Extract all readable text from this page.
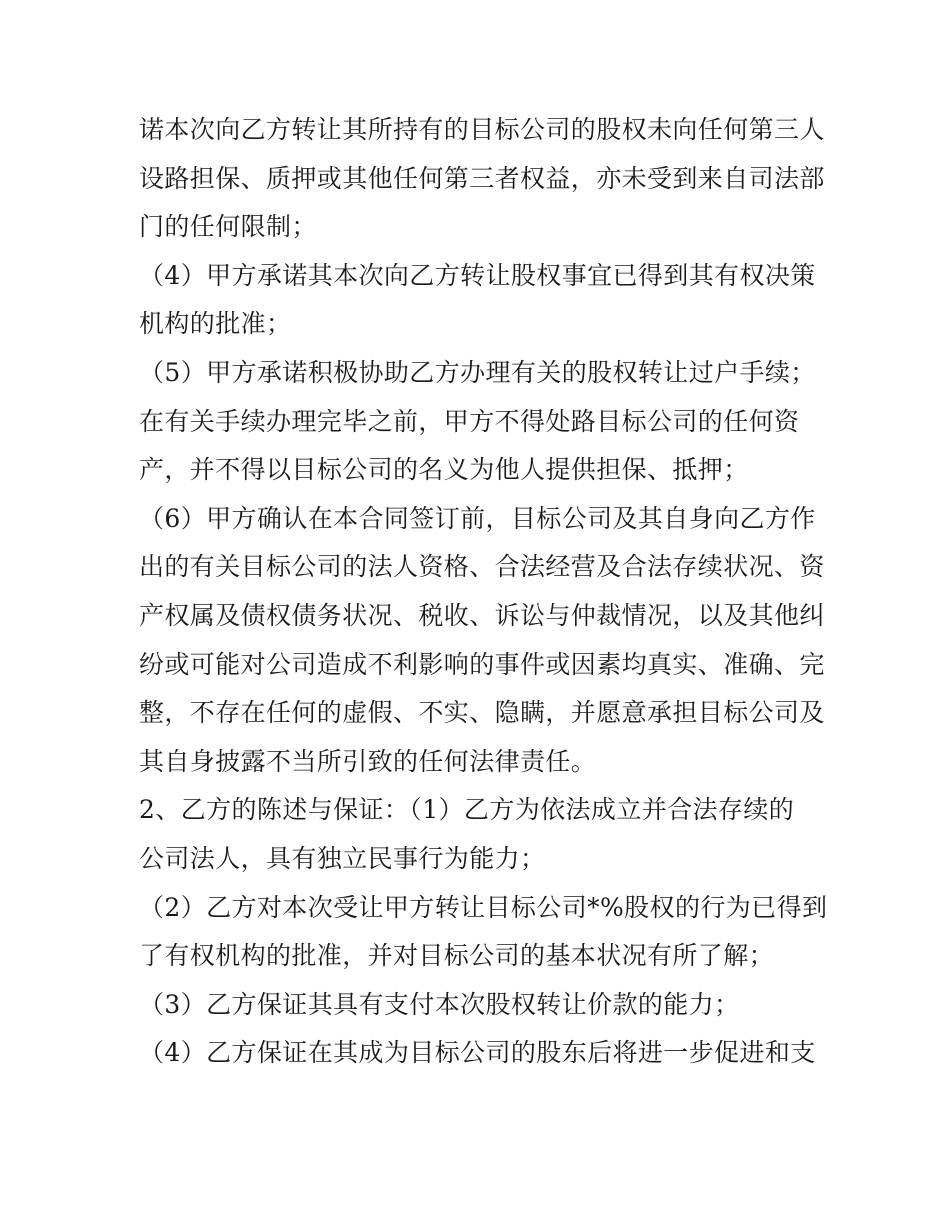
诺本次向乙方转让其所持有的目标公司的股权未向任何第三人
设路担保、质押或其他任何第三者权益，亦未受到来自司法部
门的任何限制；
（4）甲方承诺其本次向乙方转让股权事宜已得到其有权决策
机构的批准；
（5）甲方承诺积极协助乙方办理有关的股权转让过户手续；
在有关手续办理完毕之前，甲方不得处路目标公司的任何资
产，并不得以目标公司的名义为他人提供担保、抵押；
（6）甲方确认在本合同签订前，目标公司及其自身向乙方作
出的有关目标公司的法人资格、合法经营及合法存续状况、资
产权属及债权债务状况、税收、诉讼与仲裁情况，以及其他纠
纷或可能对公司造成不利影响的事件或因素均真实、准确、完
整，不存在任何的虚假、不实、隐瞒，并愿意承担目标公司及
其自身披露不当所引致的任何法律责任。
2、乙方的陈述与保证：（1）乙方为依法成立并合法存续的
公司法人，具有独立民事行为能力；
（2）乙方对本次受让甲方转让目标公司*%股权的行为已得到
了有权机构的批准，并对目标公司的基本状况有所了解；
（3）乙方保证其具有支付本次股权转让价款的能力；
（4）乙方保证在其成为目标公司的股东后将进一步促进和支
